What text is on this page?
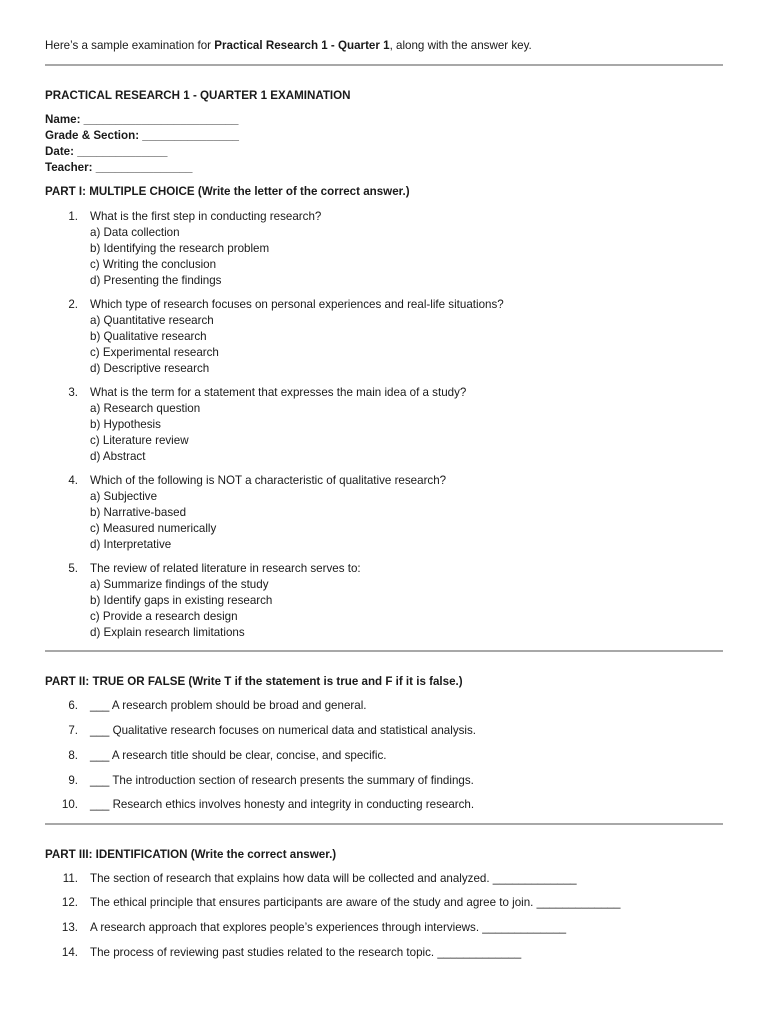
Here’s a sample examination for Practical Research 1 - Quarter 1, along with the answer key.
PRACTICAL RESEARCH 1 - QUARTER 1 EXAMINATION
Name: ________________________
Grade & Section: _______________
Date: ______________
Teacher: _______________
PART I: MULTIPLE CHOICE (Write the letter of the correct answer.)
1. What is the first step in conducting research?
a) Data collection
b) Identifying the research problem
c) Writing the conclusion
d) Presenting the findings
2. Which type of research focuses on personal experiences and real-life situations?
a) Quantitative research
b) Qualitative research
c) Experimental research
d) Descriptive research
3. What is the term for a statement that expresses the main idea of a study?
a) Research question
b) Hypothesis
c) Literature review
d) Abstract
4. Which of the following is NOT a characteristic of qualitative research?
a) Subjective
b) Narrative-based
c) Measured numerically
d) Interpretative
5. The review of related literature in research serves to:
a) Summarize findings of the study
b) Identify gaps in existing research
c) Provide a research design
d) Explain research limitations
PART II: TRUE OR FALSE (Write T if the statement is true and F if it is false.)
6. ___ A research problem should be broad and general.
7. ___ Qualitative research focuses on numerical data and statistical analysis.
8. ___ A research title should be clear, concise, and specific.
9. ___ The introduction section of research presents the summary of findings.
10. ___ Research ethics involves honesty and integrity in conducting research.
PART III: IDENTIFICATION (Write the correct answer.)
11. The section of research that explains how data will be collected and analyzed. _____________
12. The ethical principle that ensures participants are aware of the study and agree to join. _____________
13. A research approach that explores people’s experiences through interviews. _____________
14. The process of reviewing past studies related to the research topic. _____________
